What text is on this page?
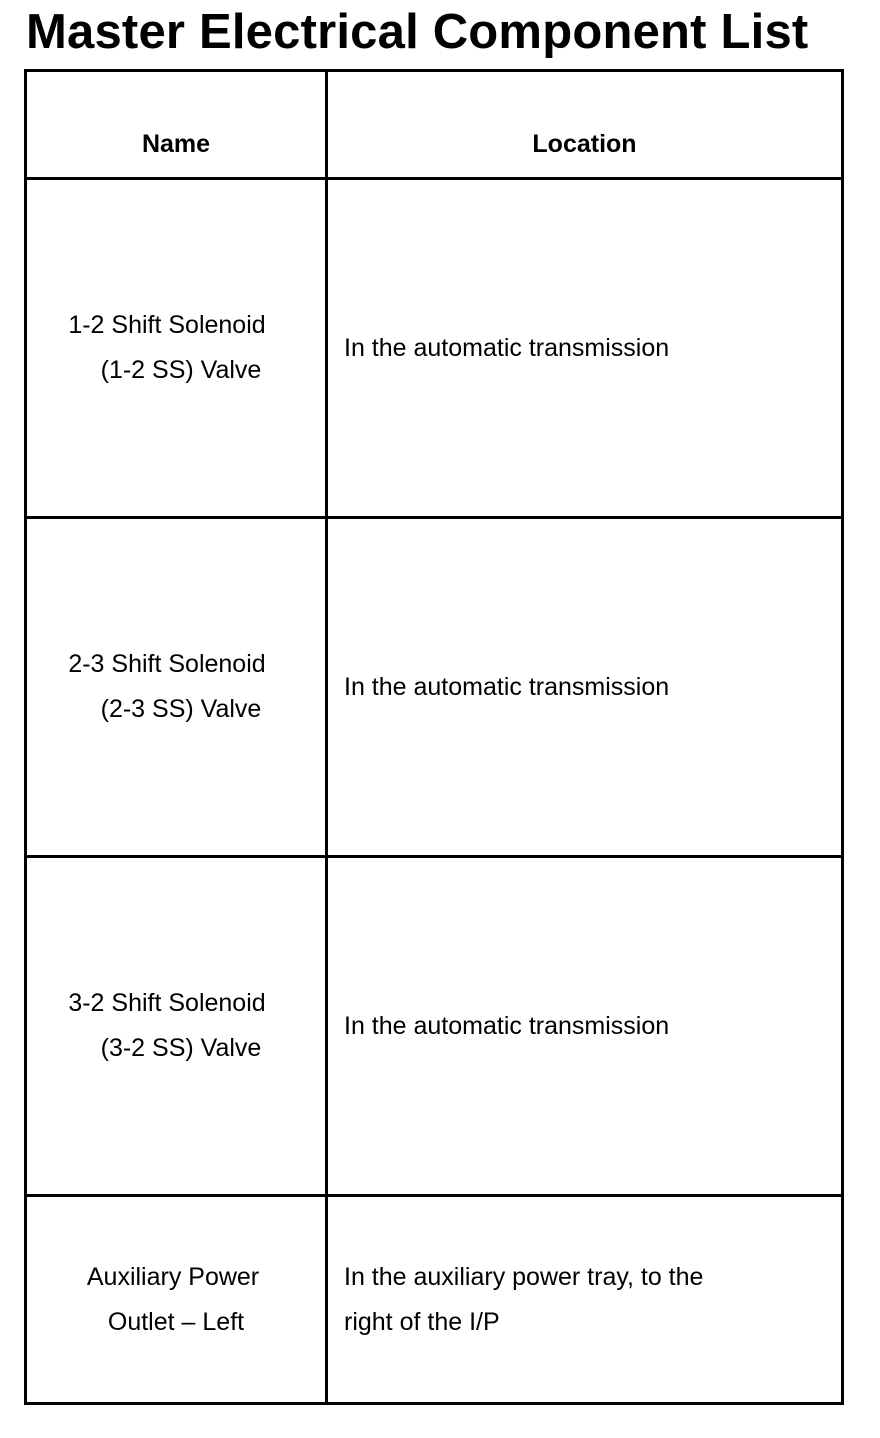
Master Electrical Component List
Name	Location

1-2 Shift Solenoid
(1-2 SS) Valve	In the automatic transmission

2-3 Shift Solenoid
(2-3 SS) Valve	In the automatic transmission

3-2 Shift Solenoid
(3-2 SS) Valve	In the automatic transmission

Auxiliary Power
Outlet – Left	In the auxiliary power tray, to the right of the I/P
